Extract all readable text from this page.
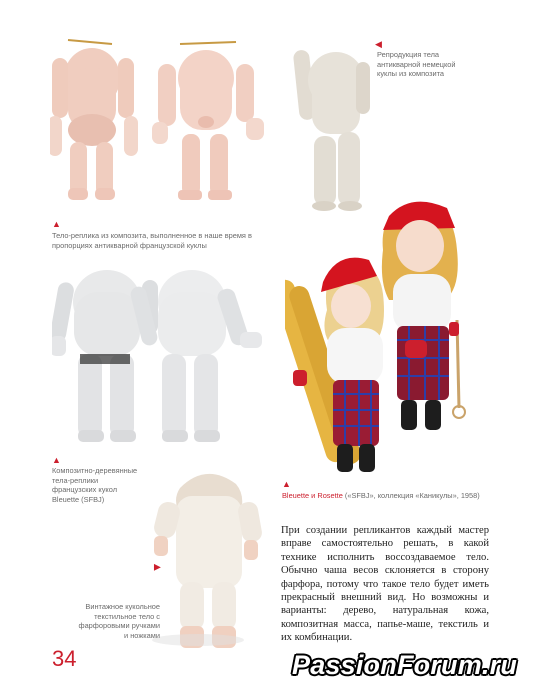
◀
Репродукция тела антикварной немецкой куклы из композита
▲
Тело-реплика из композита, выполненное в наше время в пропорциях антикварной французской куклы
▲
Композитно-деревянные тела-реплики французских кукол Bleuette (SFBJ)
▲
Bleuette и Rosette («SFBJ», коллекция «Каникулы», 1958)
◀
Винтажное кукольное текстильное тело с фарфоровыми ручками и ножками
При создании репликантов каждый мастер вправе самостоятельно решать, в какой технике исполнить воссоздаваемое тело. Обычно чаша весов склоняется в сторону фарфора, потому что такое тело будет иметь прекрасный внешний вид. Но возможны и варианты: дерево, натуральная кожа, композитная масса, папье-маше, текстиль и их комбинации.
34	PassionForum.ru
